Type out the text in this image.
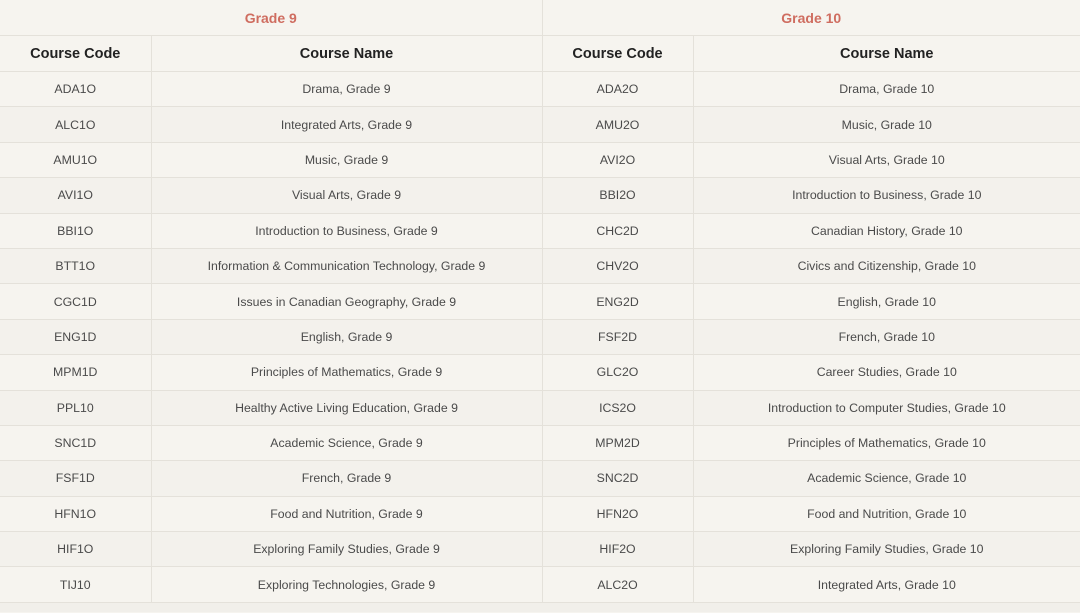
Grade 9		Grade 10	
Course Code	Course Name	Course Code	Course Name
ADA1O	Drama, Grade 9	ADA2O	Drama, Grade 10
ALC1O	Integrated Arts, Grade 9	AMU2O	Music, Grade 10
AMU1O	Music, Grade 9	AVI2O	Visual Arts, Grade 10
AVI1O	Visual Arts, Grade 9	BBI2O	Introduction to Business, Grade 10
BBI1O	Introduction to Business, Grade 9	CHC2D	Canadian History, Grade 10
BTT1O	Information & Communication Technology, Grade 9	CHV2O	Civics and Citizenship, Grade 10
CGC1D	Issues in Canadian Geography, Grade 9	ENG2D	English, Grade 10
ENG1D	English, Grade 9	FSF2D	French, Grade 10
MPM1D	Principles of Mathematics, Grade 9	GLC2O	Career Studies, Grade 10
PPL10	Healthy Active Living Education, Grade 9	ICS2O	Introduction to Computer Studies, Grade 10
SNC1D	Academic Science, Grade 9	MPM2D	Principles of Mathematics, Grade 10
FSF1D	French, Grade 9	SNC2D	Academic Science, Grade 10
HFN1O	Food and Nutrition, Grade 9	HFN2O	Food and Nutrition, Grade 10
HIF1O	Exploring Family Studies, Grade 9	HIF2O	Exploring Family Studies, Grade 10
TIJ10	Exploring Technologies, Grade 9	ALC2O	Integrated Arts, Grade 10
